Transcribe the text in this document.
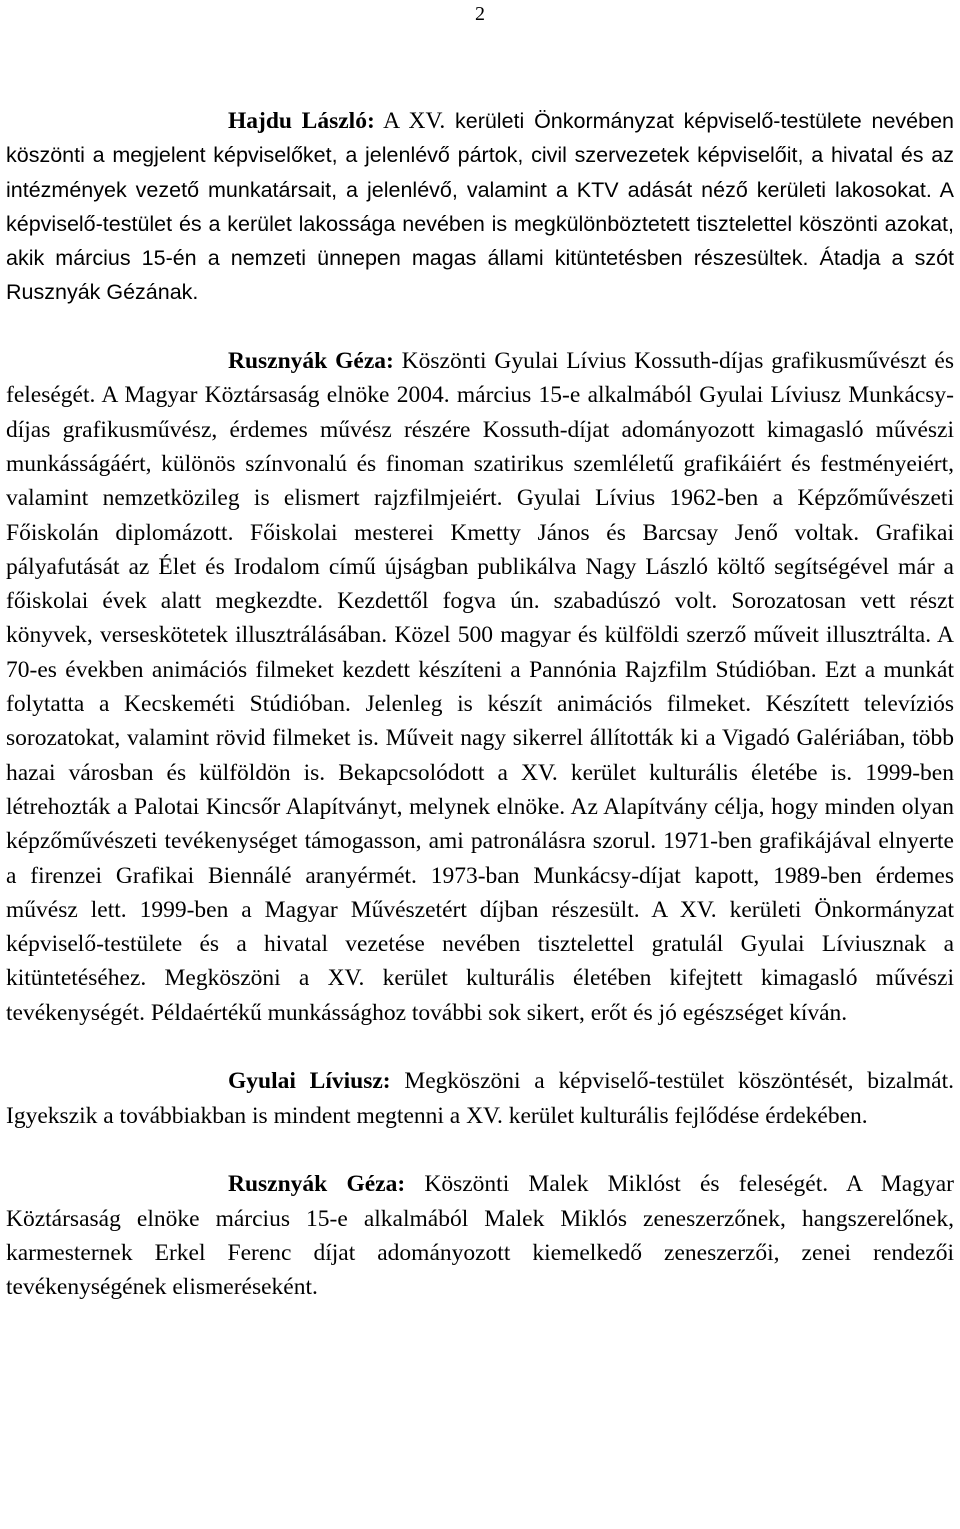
2

Hajdu László: A XV. kerületi Önkormányzat képviselő-testülete nevében köszönti a megjelent képviselőket, a jelenlévő pártok, civil szervezetek képviselőit, a hivatal és az intézmények vezető munkatársait, a jelenlévő, valamint a KTV adását néző kerületi lakosokat. A képviselő-testület és a kerület lakossága nevében is megkülönböztetett tisztelettel köszönti azokat, akik március 15-én a nemzeti ünnepen magas állami kitüntetésben részesültek. Átadja a szót Rusznyák Gézának.

Rusznyák Géza: Köszönti Gyulai Lívius Kossuth-díjas grafikusművészt és feleségét. A Magyar Köztársaság elnöke 2004. március 15-e alkalmából Gyulai Líviusz Munkácsy-díjas grafikusművész, érdemes művész részére Kossuth-díjat adományozott kimagasló művészi munkásságáért, különös színvonalú és finoman szatirikus szemléletű grafikáiért és festményeiért, valamint nemzetközileg is elismert rajzfilmjeiért. Gyulai Lívius 1962-ben a Képzőművészeti Főiskolán diplomázott. Főiskolai mesterei Kmetty János és Barcsay Jenő voltak. Grafikai pályafutását az Élet és Irodalom című újságban publikálva Nagy László költő segítségével már a főiskolai évek alatt megkezdte. Kezdettől fogva ún. szabadúszó volt. Sorozatosan vett részt könyvek, verseskötetek illusztrálásában. Közel 500 magyar és külföldi szerző műveit illusztrálta. A 70-es években animációs filmeket kezdett készíteni a Pannónia Rajzfilm Stúdióban. Ezt a munkát folytatta a Kecskeméti Stúdióban. Jelenleg is készít animációs filmeket. Készített televíziós sorozatokat, valamint rövid filmeket is. Műveit nagy sikerrel állították ki a Vigadó Galériában, több hazai városban és külföldön is. Bekapcsolódott a XV. kerület kulturális életébe is. 1999-ben létrehozták a Palotai Kincsőr Alapítványt, melynek elnöke. Az Alapítvány célja, hogy minden olyan képzőművészeti tevékenységet támogasson, ami patronálásra szorul. 1971-ben grafikájával elnyerte a firenzei Grafikai Biennálé aranyérmét. 1973-ban Munkácsy-díjat kapott, 1989-ben érdemes művész lett. 1999-ben a Magyar Művészetért díjban részesült. A XV. kerületi Önkormányzat képviselő-testülete és a hivatal vezetése nevében tisztelettel gratulál Gyulai Líviusznak a kitüntetéséhez. Megköszöni a XV. kerület kulturális életében kifejtett kimagasló művészi tevékenységét. Példaértékű munkássághoz további sok sikert, erőt és jó egészséget kíván.

Gyulai Líviusz: Megköszöni a képviselő-testület köszöntését, bizalmát. Igyekszik a továbbiakban is mindent megtenni a XV. kerület kulturális fejlődése érdekében.

Rusznyák Géza: Köszönti Malek Miklóst és feleségét. A Magyar Köztársaság elnöke március 15-e alkalmából Malek Miklós zeneszerzőnek, hangszerelőnek, karmesternek Erkel Ferenc díjat adományozott kiemelkedő zeneszerzői, zenei rendezői tevékenységének elismeréseként.
